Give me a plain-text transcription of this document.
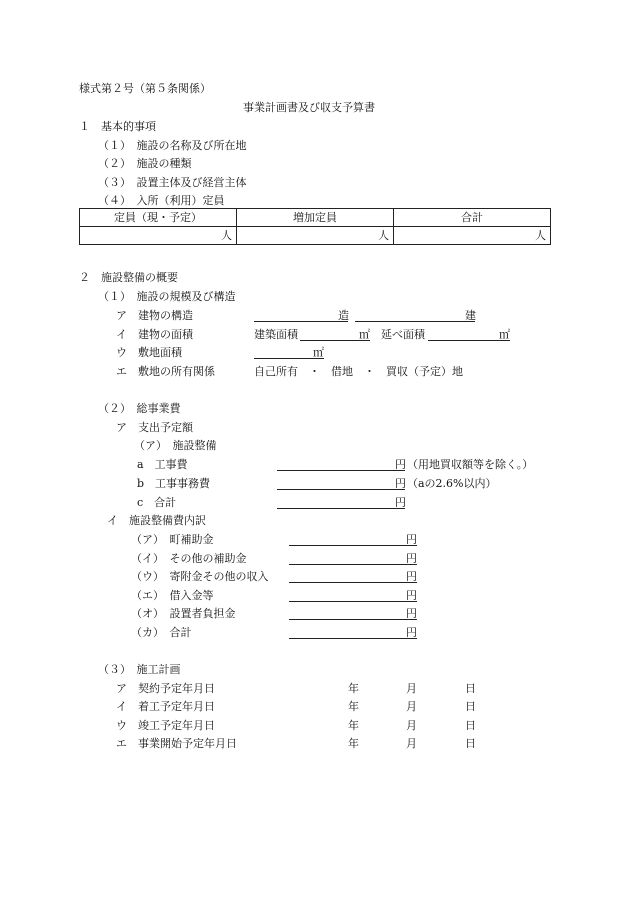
様式第２号（第５条関係）
事業計画書及び収支予算書
１　基本的事項
（１）　施設の名称及び所在地
（２）　施設の種類
（３）　設置主体及び経営主体
（４）　入所（利用）定員
定員（現・予定）	増加定員	合計
人	人	人
２　施設整備の概要
（１）　施設の規模及び構造
ア　建物の構造	造	建
イ　建物の面積	建築面積	㎡ 延べ面積	㎡
ウ　敷地面積	㎡
エ　敷地の所有関係	自己所有　・　借地　・　買収（予定）地
（２）　総事業費
ア　支出予定額
（ア）　施設整備
a　工事費	円 （用地買収額等を除く。）
b　工事事務費	円 （aの2.6%以内）
c　合計	円
イ　施設整備費内訳
（ア）　町補助金	円
（イ）　その他の補助金	円
（ウ）　寄附金その他の収入	円
（エ）　借入金等	円
（オ）　設置者負担金	円
（カ）　合計	円
（３）　施工計画
ア　契約予定年月日	年	月	日
イ　着工予定年月日	年	月	日
ウ　竣工予定年月日	年	月	日
エ　事業開始予定年月日	年	月	日
